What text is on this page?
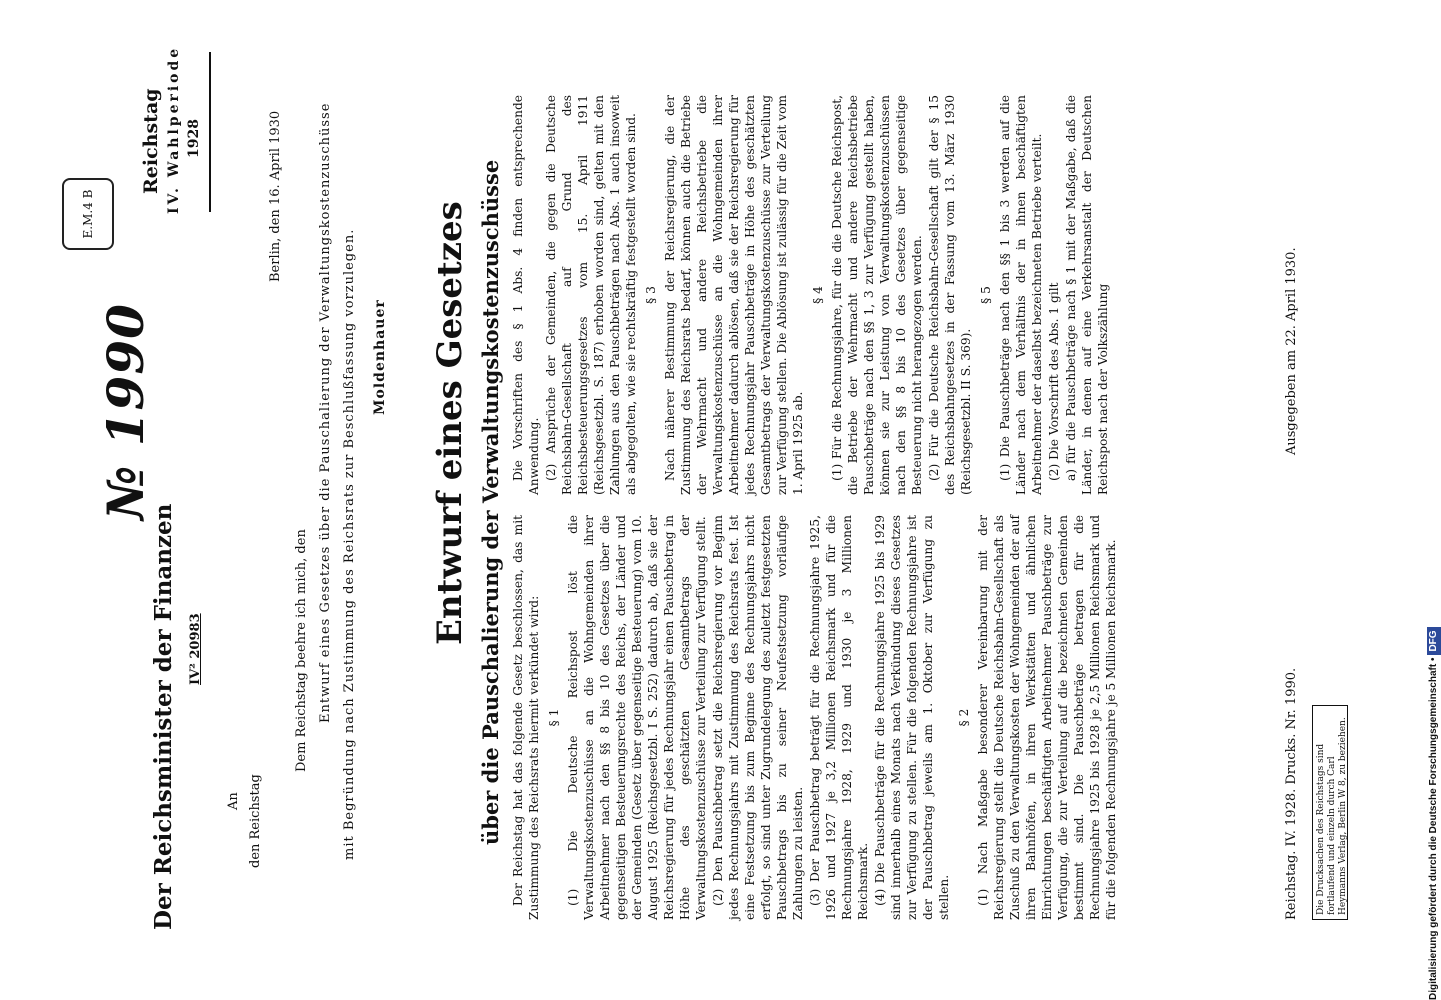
Der Reichsminister der Finanzen IV² 20983
№ 1990
E.M.4 B
Reichstag IV. Wahlperiode 1928
An den Reichstag
Berlin, den 16. April 1930
Dem Reichstag beehre ich mich, den Entwurf eines Gesetzes über die Pauschalierung der Verwaltungskostenzuschüsse mit Begründung nach Zustimmung des Reichsrats zur Beschlußfassung vorzulegen. Moldenhauer Entwurf eines Gesetzes über die Pauschalierung der Verwaltungskostenzuschüsse Der Reichstag hat das folgende Gesetz beschlossen, das mit Zustimmung des Reichsrats hiermit verkündet wird: § 1 (1) Die Deutsche Reichspost löst die Verwaltungskostenzuschüsse an die Wohngemeinden ihrer Arbeitnehmer nach den §§ 8 bis 10 des Gesetzes über die gegenseitigen Besteuerungsrechte des Reichs, der Länder und der Gemeinden (Gesetz über gegenseitige Besteuerung) vom 10. August 1925 (Reichsgesetzbl. I S. 252) dadurch ab, daß sie der Reichsregierung für jedes Rechnungsjahr einen Pauschbetrag in Höhe des geschätzten Gesamtbetrags der Verwaltungskostenzuschüsse zur Verteilung zur Verfügung stellt. (2) Den Pauschbetrag setzt die Reichsregierung vor Beginn jedes Rechnungsjahrs mit Zustimmung des Reichsrats fest. Ist eine Festsetzung bis zum Beginne des Rechnungsjahrs nicht erfolgt, so sind unter Zugrundelegung des zuletzt festgesetzten Pauschbetrags bis zu seiner Neufestsetzung vorläufige Zahlungen zu leisten. (3) Der Pauschbetrag beträgt für die Rechnungsjahre 1925, 1926 und 1927 je 3,2 Millionen Reichsmark und für die Rechnungsjahre 1928, 1929 und 1930 je 3 Millionen Reichsmark. (4) Die Pauschbeträge für die Rechnungsjahre 1925 bis 1929 sind innerhalb eines Monats nach Verkündung dieses Gesetzes zur Verfügung zu stellen. Für die folgenden Rechnungsjahre ist der Pauschbetrag jeweils am 1. Oktober zur Verfügung zu stellen.

§ 2 (1) Nach Maßgabe besonderer Vereinbarung mit der Reichsregierung stellt die Deutsche Reichsbahn-Gesellschaft als Zuschuß zu den Verwaltungskosten der Wohngemeinden der auf ihren Bahnhöfen, in ihren Werkstätten und ähnlichen Einrichtungen beschäftigten Arbeitnehmer Pauschbeträge zur Verfügung, die zur Verteilung auf die bezeichneten Gemeinden bestimmt sind. Die Pauschbeträge betragen für die Rechnungsjahre 1925 bis 1928 je 2,5 Millionen Reichsmark und für die folgenden Rechnungsjahre je 5 Millionen Reichsmark.

Die Vorschriften des § 1 Abs. 4 finden entsprechende Anwendung. (2) Ansprüche der Gemeinden, die gegen die Deutsche Reichsbahn-Gesellschaft auf Grund des Reichsbesteuerungsgesetzes vom 15. April 1911 (Reichsgesetzbl. S. 187) erhoben worden sind, gelten mit den Zahlungen aus den Pauschbeträgen nach Abs. 1 auch insoweit als abgegolten, wie sie rechtskräftig festgestellt worden sind. § 3 Nach näherer Bestimmung der Reichsregierung, die der Zustimmung des Reichsrats bedarf, können auch die Betriebe der Wehrmacht und andere Reichsbetriebe die Verwaltungskostenzuschüsse an die Wohngemeinden ihrer Arbeitnehmer dadurch ablösen, daß sie der Reichsregierung für jedes Rechnungsjahr Pauschbeträge in Höhe des geschätzten Gesamtbetrags der Verwaltungskostenzuschüsse zur Verteilung zur Verfügung stellen. Die Ablösung ist zulässig für die Zeit vom 1. April 1925 ab.

§ 4 (1) Für die Rechnungsjahre, für die die Deutsche Reichspost, die Betriebe der Wehrmacht und andere Reichsbetriebe Pauschbeträge nach den §§ 1, 3 zur Verfügung gestellt haben, können sie zur Leistung von Verwaltungskostenzuschüssen nach den §§ 8 bis 10 des Gesetzes über gegenseitige Besteuerung nicht herangezogen werden. (2) Für die Deutsche Reichsbahn-Gesellschaft gilt der § 15 des Reichsbahngesetzes in der Fassung vom 13. März 1930 (Reichsgesetzbl. II S. 369).

§ 5 (1) Die Pauschbeträge nach den §§ 1 bis 3 werden auf die Länder nach dem Verhältnis der in ihnen beschäftigten Arbeitnehmer der daselbst bezeichneten Betriebe verteilt. (2) Die Vorschrift des Abs. 1 gilt a) für die Pauschbeträge nach § 1 mit der Maßgabe, daß die Länder, in denen auf eine Verkehrsanstalt der Deutschen Reichspost nach der Volkszählung

Reichstag. IV. 1928. Drucks. Nr. 1990.
Ausgegeben am 22. April 1930.
Die Drucksachen des Reichstags sind fortlaufend und einzeln durch Carl Heymanns Verlag, Berlin W 8, zu beziehen.	Digitalisierung gefördert durch die Deutsche Forschungsgemeinschaft •DFG
